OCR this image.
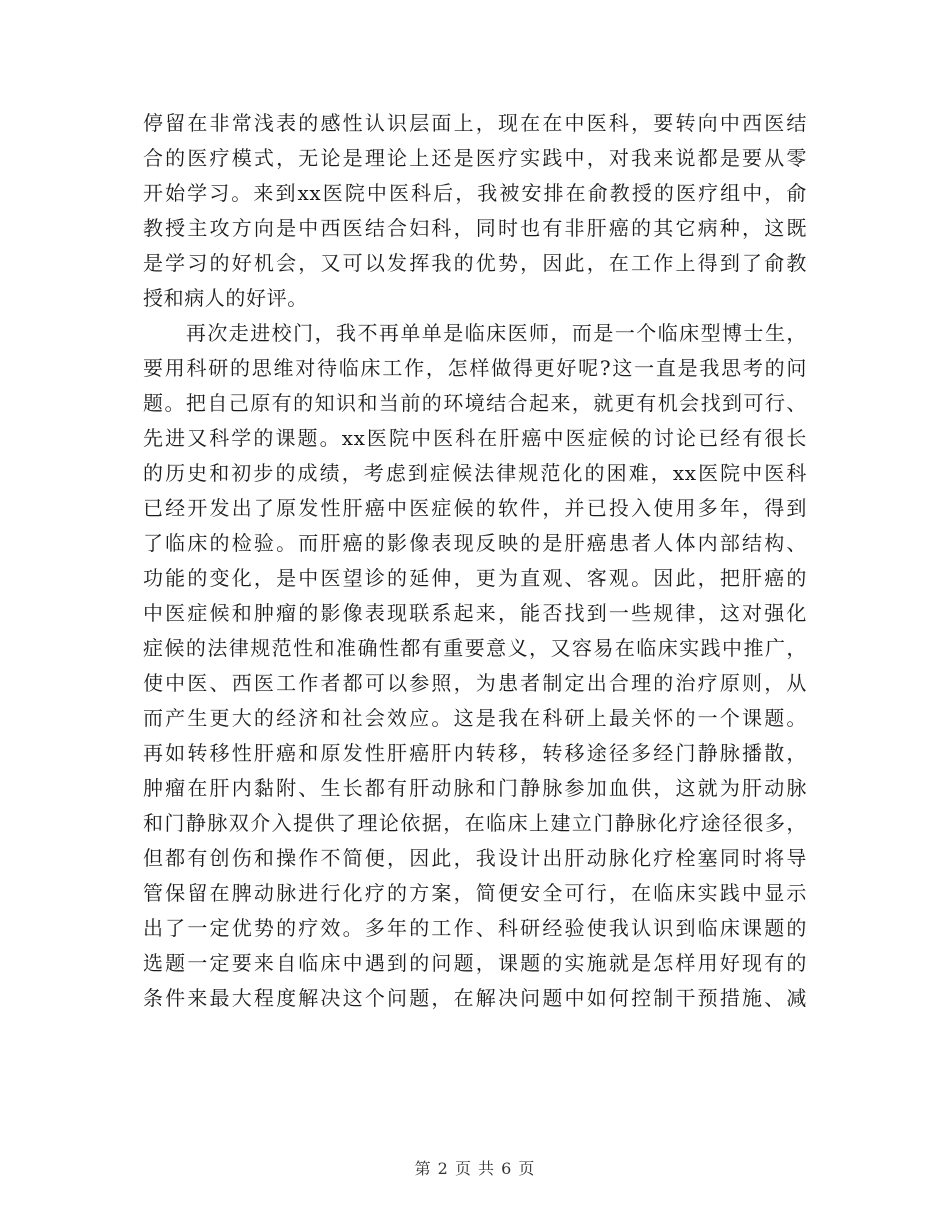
停留在非常浅表的感性认识层面上，现在在中医科，要转向中西医结
合的医疗模式，无论是理论上还是医疗实践中，对我来说都是要从零
开始学习。来到xx医院中医科后，我被安排在俞教授的医疗组中，俞
教授主攻方向是中西医结合妇科，同时也有非肝癌的其它病种，这既
是学习的好机会，又可以发挥我的优势，因此，在工作上得到了俞教
授和病人的好评。
　　再次走进校门，我不再单单是临床医师，而是一个临床型博士生，
要用科研的思维对待临床工作，怎样做得更好呢?这一直是我思考的问
题。把自己原有的知识和当前的环境结合起来，就更有机会找到可行、
先进又科学的课题。xx医院中医科在肝癌中医症候的讨论已经有很长
的历史和初步的成绩，考虑到症候法律规范化的困难，xx医院中医科
已经开发出了原发性肝癌中医症候的软件，并已投入使用多年，得到
了临床的检验。而肝癌的影像表现反映的是肝癌患者人体内部结构、
功能的变化，是中医望诊的延伸，更为直观、客观。因此，把肝癌的
中医症候和肿瘤的影像表现联系起来，能否找到一些规律，这对强化
症候的法律规范性和准确性都有重要意义，又容易在临床实践中推广，
使中医、西医工作者都可以参照，为患者制定出合理的治疗原则，从
而产生更大的经济和社会效应。这是我在科研上最关怀的一个课题。
再如转移性肝癌和原发性肝癌肝内转移，转移途径多经门静脉播散，
肿瘤在肝内黏附、生长都有肝动脉和门静脉参加血供，这就为肝动脉
和门静脉双介入提供了理论依据，在临床上建立门静脉化疗途径很多，
但都有创伤和操作不简便，因此，我设计出肝动脉化疗栓塞同时将导
管保留在脾动脉进行化疗的方案，简便安全可行，在临床实践中显示
出了一定优势的疗效。多年的工作、科研经验使我认识到临床课题的
选题一定要来自临床中遇到的问题，课题的实施就是怎样用好现有的
条件来最大程度解决这个问题，在解决问题中如何控制干预措施、减
第 2 页 共 6 页
